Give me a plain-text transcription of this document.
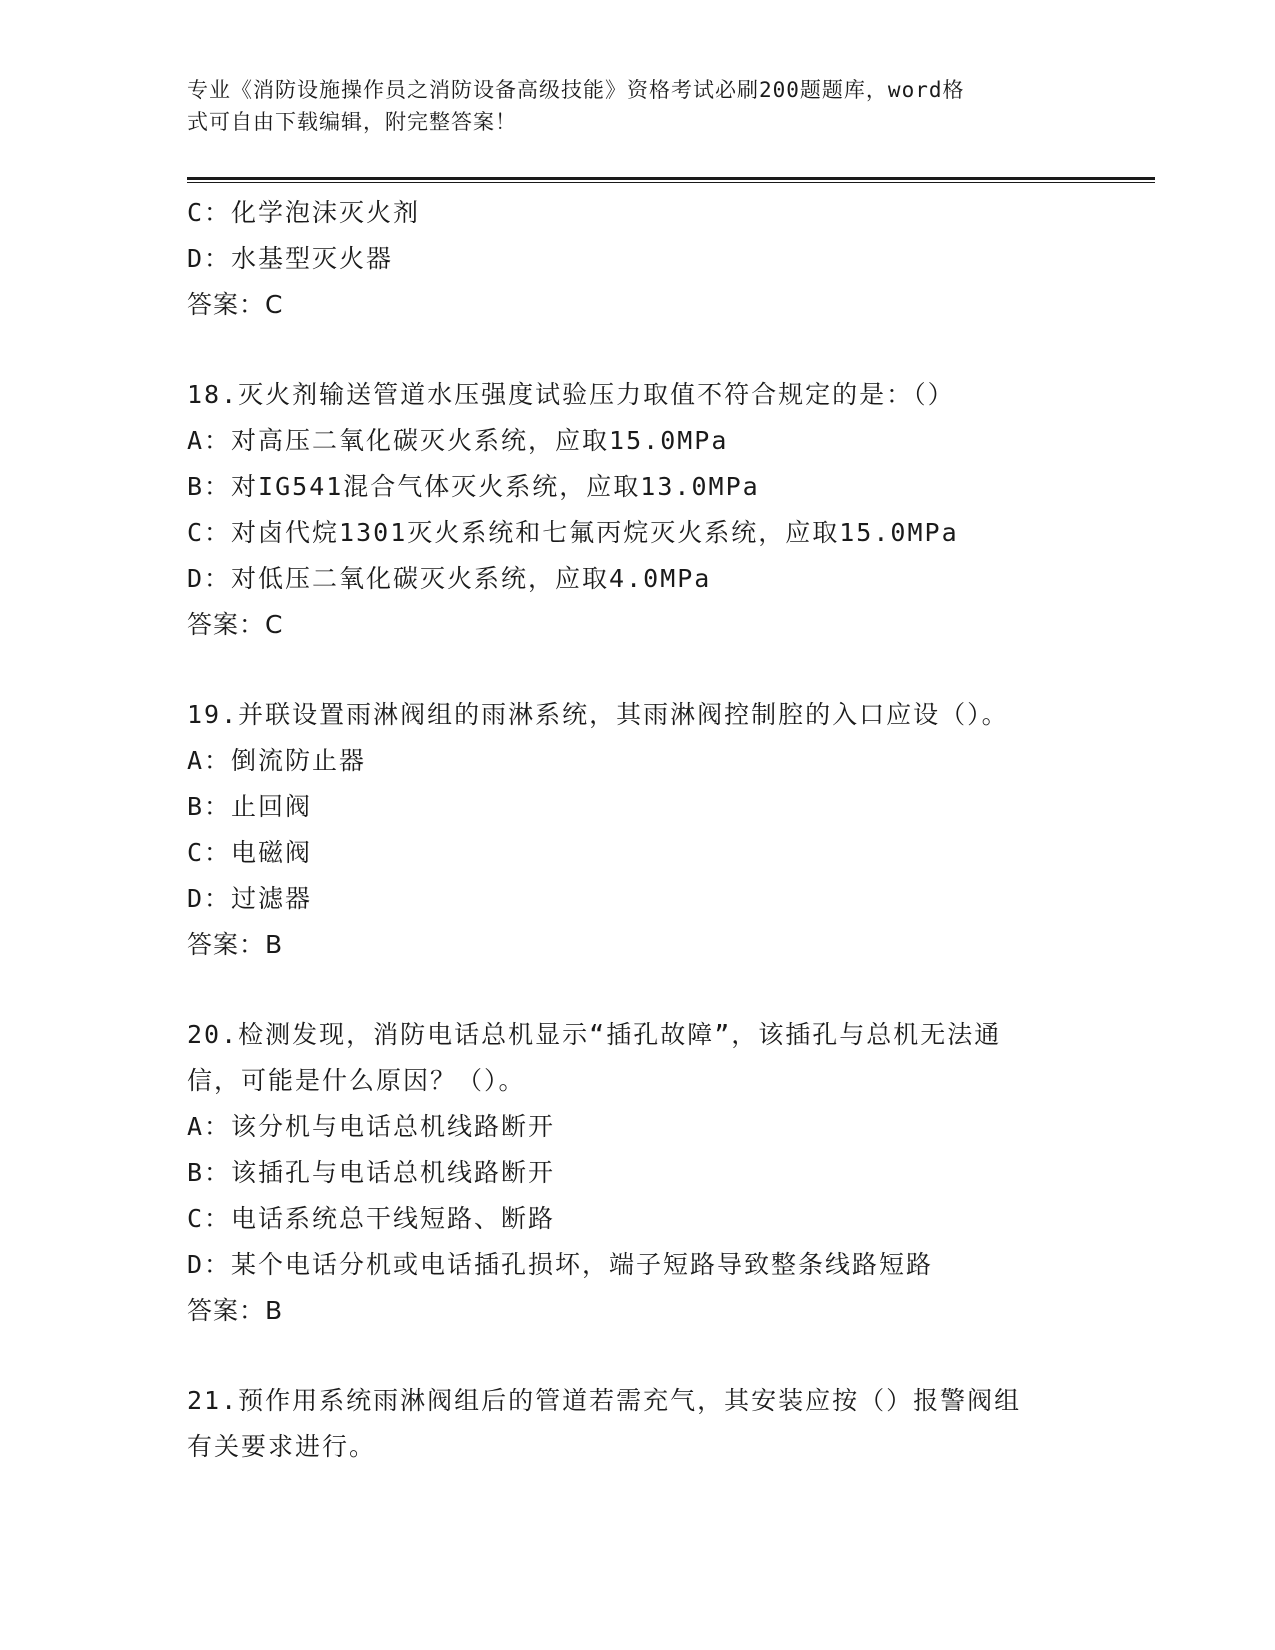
专业《消防设施操作员之消防设备高级技能》资格考试必刷200题题库，word格
式可自由下载编辑，附完整答案！
C：化学泡沫灭火剂
D：水基型灭火器
答案：C
18.灭火剂输送管道水压强度试验压力取值不符合规定的是：（）
A：对高压二氧化碳灭火系统，应取15.0MPa
B：对IG541混合气体灭火系统，应取13.0MPa
C：对卤代烷1301灭火系统和七氟丙烷灭火系统，应取15.0MPa
D：对低压二氧化碳灭火系统，应取4.0MPa
答案：C
19.并联设置雨淋阀组的雨淋系统，其雨淋阀控制腔的入口应设（）。
A：倒流防止器
B：止回阀
C：电磁阀
D：过滤器
答案：B
20.检测发现，消防电话总机显示“插孔故障”，该插孔与总机无法通
信，可能是什么原因？（）。
A：该分机与电话总机线路断开
B：该插孔与电话总机线路断开
C：电话系统总干线短路、断路
D：某个电话分机或电话插孔损坏，端子短路导致整条线路短路
答案：B
21.预作用系统雨淋阀组后的管道若需充气，其安装应按（）报警阀组
有关要求进行。
